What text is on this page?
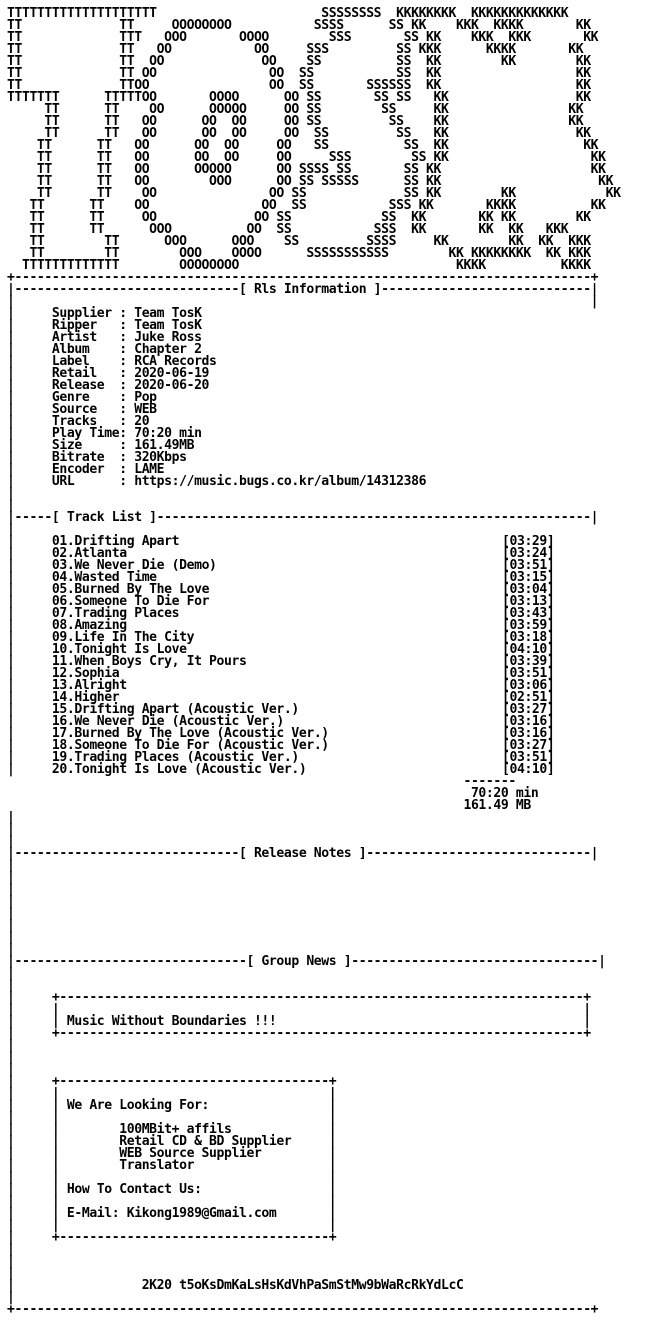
TTTTTTTTTTTTTTTTTTTT                      SSSSSSSS  KKKKKKKK  KKKKKKKKKKKKK
TT             TT     OOOOOOOO           SSSS      SS KK    KKK  KKKK       KK
TT             TTT   OOO       OOOO        SSS       SS KK    KKK  KKK       KK
TT             TT   OO           OO     SSS         SS KKK      KKKK       KK
TT             TT  OO             OO    SS          SS  KK        KK        KK
TT             TT OO               OO  SS           SS  KK                  KK
TT             TTOO                OO  SS       SSSSSS  KK                  KK
TTTTTTT      TTTTTOO       OOOO      OO SS       SS SS   KK                 KK
TT      TT    OO      OOOOO     OO SS        SS     KK                KK
TT      TT   OO      OO  OO     OO SS         SS    KK                KK
TT      TT   OO      OO  OO     OO  SS         SS   KK                 KK
TT      TT   OO      OO  OO     OO   SS          SS  KK                  KK
TT      TT   OO      OO  OO     OO     SSS        SS KK                   KK
TT      TT   OO      OOOOO      OO SSSS SS       SS KK                    KK
TT      TT   OO        OOO      OO SS SSSSS      SS KK                     KK
TT      TT    OO               OO SS             SS KK        KK            KK
TT      TT    OO               OO  SS           SSS KK       KKKK          KK
TT      TT     OO             OO SS            SS  KK       KK KK        KK
TT      TT      OOO          OO  SS           SSS  KK       KK  KK   KKK
TT        TT      OOO      OOO    SS         SSSS     KK        KK  KK  KKK
TT        TT        OOO    OOOO      SSSSSSSSSSS        KK KKKKKKKK  KK KKK
TTTTTTTTTTTTT        OOOOOOOO                             KKKK          KKKK
+-----------------------------------------------------------------------------+
|------------------------------[ Rls Information ]----------------------------|
|                                                                             |
|     Supplier : Team TosK
|     Ripper   : Team TosK
|     Artist   : Juke Ross
|     Album    : Chapter 2
|     Label    : RCA Records
|     Retail   : 2020-06-19
|     Release  : 2020-06-20
|     Genre    : Pop
|     Source   : WEB
|     Tracks   : 20
|     Play Time: 70:20 min
|     Size     : 161.49MB
|     Bitrate  : 320Kbps
|     Encoder  : LAME
|     URL      : https://music.bugs.co.kr/album/14312386
|
|
|-----[ Track List ]----------------------------------------------------------|
|
|     01.Drifting Apart	[03:29]
|     02.Atlanta	[03:24]
|     03.We Never Die (Demo)	[03:51]
|     04.Wasted Time	[03:15]
|     05.Burned By The Love	[03:04]
|     06.Someone To Die For	[03:13]
|     07.Trading Places	[03:43]
|     08.Amazing	[03:59]
|     09.Life In The City	[03:18]
|     10.Tonight Is Love	[04:10]
|     11.When Boys Cry, It Pours	[03:39]
|     12.Sophia	[03:51]
|     13.Alright	[03:06]
|     14.Higher	[02:51]
|     15.Drifting Apart (Acoustic Ver.)	[03:27]
|     16.We Never Die (Acoustic Ver.)	[03:16]
|     17.Burned By The Love (Acoustic Ver.)	[03:16]
|     18.Someone To Die For (Acoustic Ver.)	[03:27]
|     19.Trading Places (Acoustic Ver.)	[03:51]
|     20.Tonight Is Love (Acoustic Ver.)	[04:10]
-------
70:20 min
161.49 MB
|
|
|
|------------------------------[ Release Notes ]------------------------------|
|
|
|
|
|
|
|
|
|-------------------------------[ Group News ]---------------------------------|
|
|
|     +----------------------------------------------------------------------+
|     |                                                                      |
|     | Music Without Boundaries !!!                                         |
|     +----------------------------------------------------------------------+
|
|
|
|     +------------------------------------+
|     |                                    |
|     | We Are Looking For:                |
|     |                                    |
|     |        100MBit+ affils             |
|     |        Retail CD & BD Supplier     |
|     |        WEB Source Supplier         |
|     |        Translator                  |
|     |                                    |
|     | How To Contact Us:                 |
|     |                                    |
|     | E-Mail: Kikong1989@Gmail.com       |
|     |                                    |
|     +------------------------------------+
|
|
|
|                 2K20 t5oKsDmKaLsHsKdVhPaSmStMw9bWaRcRkYdLcC
|
+-----------------------------------------------------------------------------+
